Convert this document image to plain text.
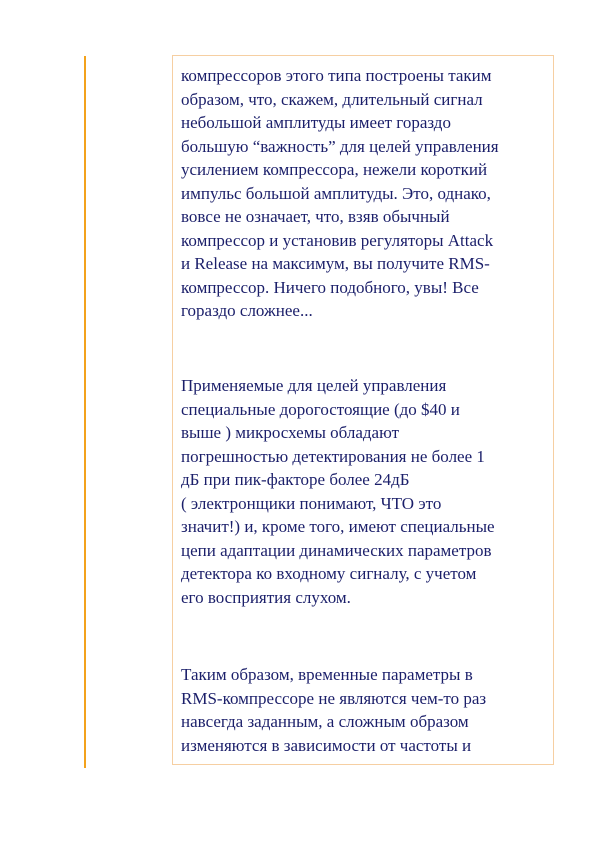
компрессоров этого типа построены таким
образом, что, скажем, длительный сигнал
небольшой амплитуды имеет гораздо
большую “важность” для целей управления
усилением компрессора, нежели короткий
импульс большой амплитуды. Это, однако,
вовсе не означает, что, взяв обычный
компрессор и установив регуляторы Attack
и Release на максимум, вы получите RMS-
компрессор. Ничего подобного, увы! Все
гораздо сложнее...

Применяемые для целей управления
специальные дорогостоящие (до $40 и
выше ) микросхемы обладают
погрешностью детектирования не более 1
дБ при пик-факторе более 24дБ
( электронщики понимают, ЧТО это
значит!) и, кроме того, имеют специальные
цепи адаптации динамических параметров
детектора ко входному сигналу, с учетом
его восприятия слухом.

Таким образом, временные параметры в
RMS-компрессоре не являются чем-то раз
навсегда заданным, а сложным образом
изменяются в зависимости от частоты и
